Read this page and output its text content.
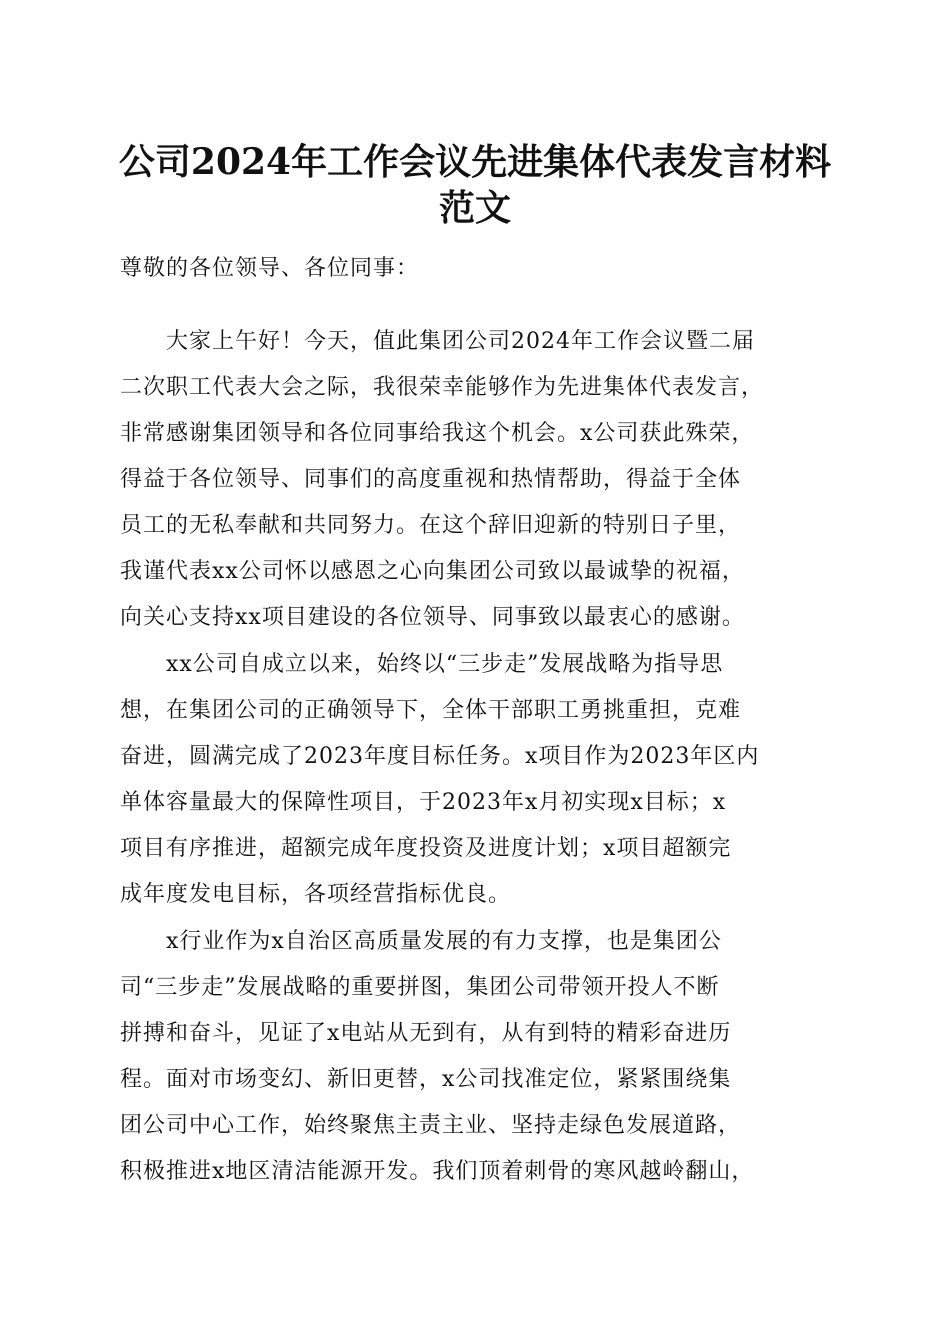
公司2024年工作会议先进集体代表发言材料
范文

尊敬的各位领导、各位同事：

　　大家上午好！今天，值此集团公司2024年工作会议暨二届

二次职工代表大会之际，我很荣幸能够作为先进集体代表发言，

非常感谢集团领导和各位同事给我这个机会。x公司获此殊荣，

得益于各位领导、同事们的高度重视和热情帮助，得益于全体

员工的无私奉献和共同努力。在这个辞旧迎新的特别日子里，

我谨代表xx公司怀以感恩之心向集团公司致以最诚挚的祝福，

向关心支持xx项目建设的各位领导、同事致以最衷心的感谢。

　　xx公司自成立以来，始终以“三步走”发展战略为指导思

想，在集团公司的正确领导下，全体干部职工勇挑重担，克难

奋进，圆满完成了2023年度目标任务。x项目作为2023年区内

单体容量最大的保障性项目，于2023年x月初实现x目标；x

项目有序推进，超额完成年度投资及进度计划；x项目超额完

成年度发电目标，各项经营指标优良。

　　x行业作为x自治区高质量发展的有力支撑，也是集团公

司“三步走”发展战略的重要拼图，集团公司带领开投人不断

拼搏和奋斗，见证了x电站从无到有，从有到特的精彩奋进历

程。面对市场变幻、新旧更替，x公司找准定位，紧紧围绕集

团公司中心工作，始终聚焦主责主业、坚持走绿色发展道路，

积极推进x地区清洁能源开发。我们顶着刺骨的寒风越岭翻山，
